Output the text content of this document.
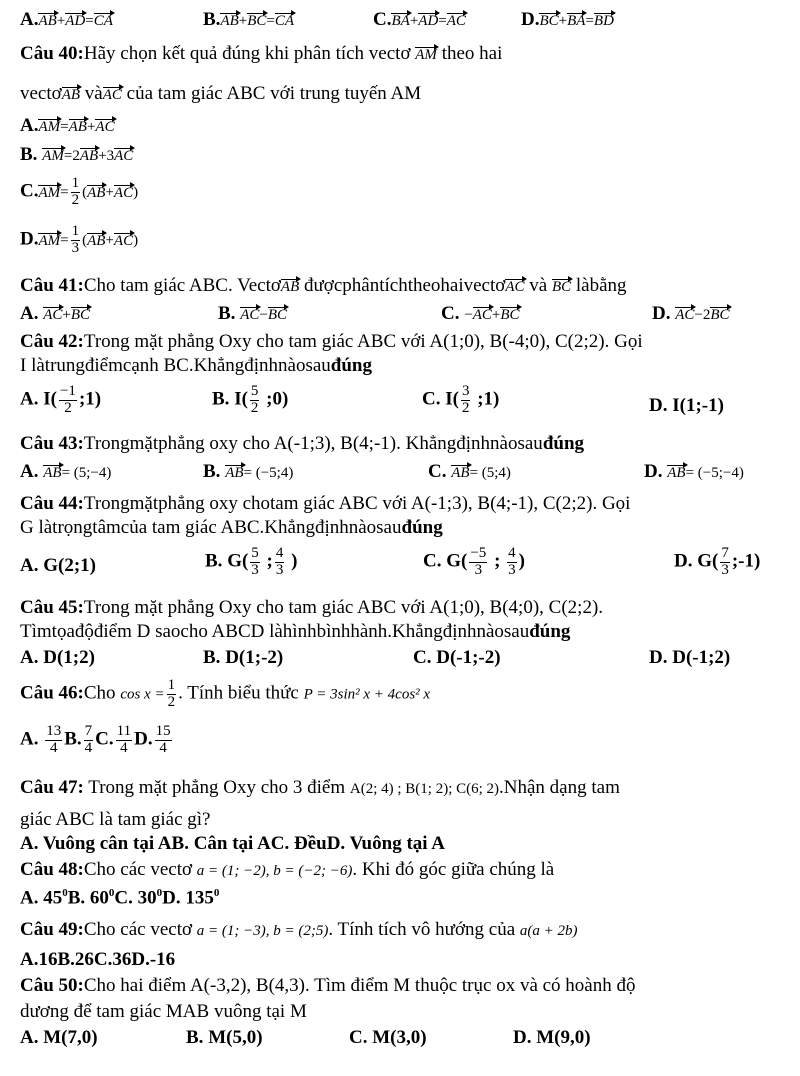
A.AB+AD=CA	B.AB+BC=CA	C.BA+AD=AC	D.BC+BA=BD
Câu 40:Hãy chọn kết quả đúng khi phân tích vectơ AM theo hai
vectơAB vàAC của tam giác ABC với trung tuyến AM
A.AM=AB+AC
B. AM=2AB+3AC
$C.AM= \frac{1}{2} (AB+AC)$
$D.AM= \frac{1}{3} (AB+AC)$
Câu 41:Cho tam giác ABC. VectơAB đượcphântíchtheohaivectơAC và BC làbằng
A. AC+BC	B. AC−BC	C. −AC+BC	D. AC−2BC
Câu 42:Trong mặt phẳng Oxy cho tam giác ABC với A(1;0), B(-4;0), C(2;2). Gọi
I làtrungđiểmcạnh BC.Khẳngđịnhnàosauđúng
A. $I( \frac{-1}{2}$ ;1)	B. $I( \frac{5}{2}$ ;0)	C. $I( \frac{3}{2}$ ;1)	D. I(1;-1)
Câu 43:Trongmặtphẳng oxy cho A(-1;3), B(4;-1). Khẳngđịnhnàosauđúng
A. AB= (5;−4)	B. AB= (−5;4)	C. AB= (5;4)	D. AB= (−5;−4)
Câu 44:Trongmặtphẳng oxy chotam giác ABC với A(-1;3), B(4;-1), C(2;2). Gọi
G làtrọngtâmcủa tam giác ABC.Khẳngđịnhnàosauđúng
A. G(2;1)	B. $G( \frac{5}{3}$ ; $\frac{4}{3}$ )	C. $G( \frac{-5}{3}$ ; $\frac{4}{3}$ )	D. $G( \frac{7}{3}$ ;-1)
Câu 45:Trong mặt phẳng Oxy cho tam giác ABC với A(1;0), B(4;0), C(2;2).
Tìmtọađộđiểm D saocho ABCD làhìnhbìnhhành.Khẳngđịnhnàosauđúng
A. D(1;2)	B. D(1;-2)	C. D(-1;-2)	D. D(-1;2)
Câu 46:Cho $\cos x = \frac{1}{2}$ . Tính biểu thức P = 3sin² x + 4cos² x
A. $\frac{13}{4} B$. $\frac{7}{4} C$. $\frac{11}{4} D$. $\frac{15}{4}$
Câu 47: Trong mặt phẳng Oxy cho 3 điểm A(2; 4) ; B(1; 2); C(6; 2).Nhận dạng tam
giác ABC là tam giác gì?
A. Vuông cân tại AB. Cân tại AC. ĐềuD. Vuông tại A
Câu 48:Cho các vectơ a = (1; −2), b = (−2; −6). Khi đó góc giữa chúng là
A. $45^0B$. $60^0C$. $30^0D$. $135^0$
Câu 49:Cho các vectơ a = (1; −3), b = (2;5). Tính tích vô hướng của a(a + 2b)
A.16B.26C.36D.-16
Câu 50:Cho hai điểm A(-3,2), B(4,3). Tìm điểm M thuộc trục ox và có hoành độ
dương để tam giác MAB vuông tại M
A. M(7,0)	B. M(5,0)	C. M(3,0)	D. M(9,0)
